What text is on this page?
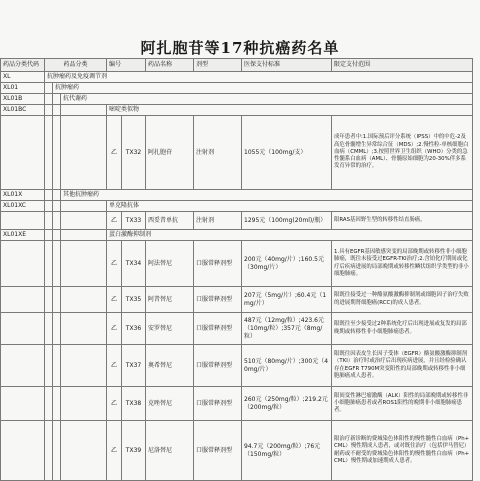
阿扎胞苷等17种抗癌药名单
药品分类代码	药品分类			编号		药品名称	剂型	医保支付标准	限定支付范围
XL	抗肿瘤药及免疫调节剂								
XL01		抗肿瘤药							
XL01B			抗代谢药						
XL01BC				嘧啶类似物					
				乙	TX32	阿扎胞苷	注射剂	1055元（100mg/支）	成年患者中:1.国际预后评分系统（IPSS）中的中危-2及高危骨髓增生异常综合征（MDS）;2.慢性粒-单核细胞白血病（CMML）;3.按照世界卫生组织（WHO）分类的急性髓系白血病（AML）、骨髓原始细胞为20-30%伴多系发育异常的治疗。
XL01X			其他抗肿瘤药						
XL01XC				单克隆抗体					
				乙	TX33	西妥昔单抗	注射剂	1295元（100mg(20ml)/瓶）	限RAS基因野生型的转移性结直肠癌。
XL01XE				蛋白激酶抑制剂					
				乙	TX34	阿法替尼	口服常释剂型	200元（40mg/片）;160.5元（30mg/片）	1.具有EGFR基因敏感突变的局部晚期或转移性非小细胞肺癌，既往未接受过EGFR-TKI治疗;2.含铂化疗期间或化疗后疾病进展的局部晚期或转移性鳞状组织学类型的非小细胞肺癌。
				乙	TX35	阿昔替尼	口服常释剂型	207元（5mg/片）;60.4元（1mg/片）	限既往接受过一种酪氨酸激酶抑制剂或细胞因子治疗失败的进展期肾细胞癌(RCC)的成人患者。
				乙	TX36	安罗替尼	口服常释剂型	487元（12mg/粒）;423.6元（10mg/粒）;357元（8mg/粒）	限既往至少接受过2种系统化疗后出现进展或复发的局部晚期或转移性非小细胞肺癌患者。
				乙	TX37	奥希替尼	口服常释剂型	510元（80mg/片）;300元（40mg/片）	限既往因表皮生长因子受体（EGFR）酪氨酸激酶抑制剂（TKI）治疗时或治疗后出现疾病进展，并且经检验确认存在EGFR T790M突变阳性的局部晚期或转移性非小细胞肺癌成人患者。
				乙	TX38	克唑替尼	口服常释剂型	260元（250mg/粒）;219.2元（200mg/粒）	限间变性淋巴瘤激酶（ALK）阳性的局部晚期或转移性非小细胞肺癌患者或者ROS1阳性的晚期非小细胞肺癌患者。
				乙	TX39	尼洛替尼	口服常释剂型	94.7元（200mg/粒）;76元（150mg/粒）	限治疗新诊断的费城染色体阳性的慢性髓性白血病（Ph+ CML）慢性期成人患者，或对既往治疗（包括伊马替尼）耐药或不耐受的费城染色体阳性的慢性髓性白血病（Ph+ CML）慢性期或加速期成人患者。
